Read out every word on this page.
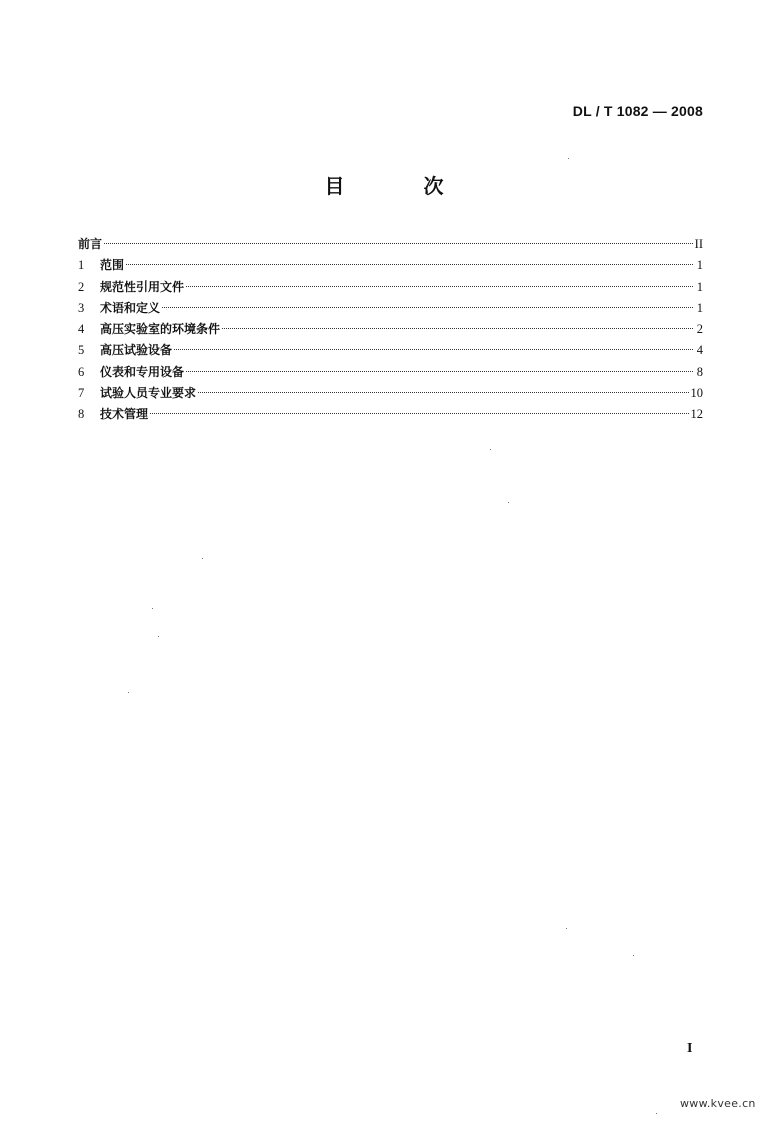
DL / T 1082 — 2008
目 次
前言	II
1	范围	1
2	规范性引用文件	1
3	术语和定义	1
4	高压实验室的环境条件	2
5	高压试验设备	4
6	仪表和专用设备	8
7	试验人员专业要求	10
8	技术管理	12
I
www.kvee.cn
